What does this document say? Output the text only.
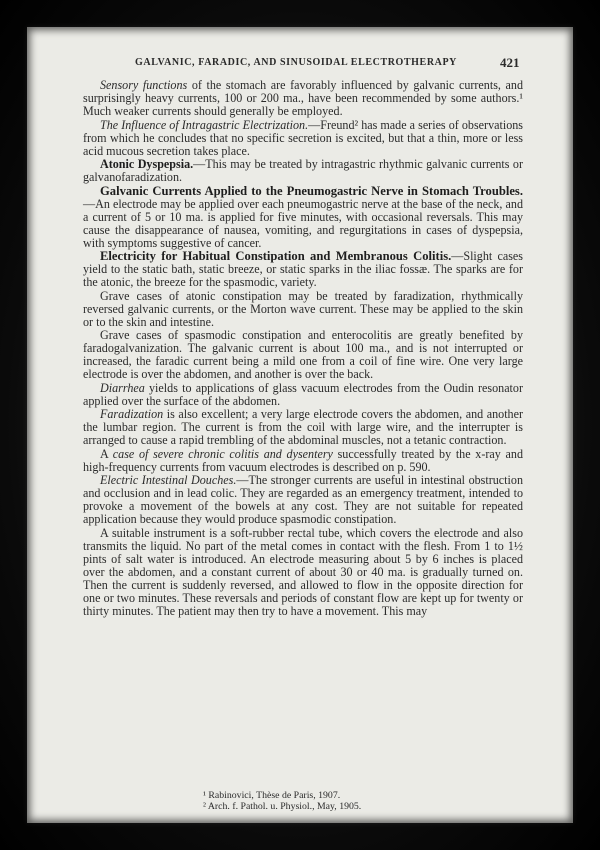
GALVANIC, FARADIC, AND SINUSOIDAL ELECTROTHERAPY	421

Sensory functions of the stomach are favorably influenced by galvanic currents, and surprisingly heavy currents, 100 or 200 ma., have been recommended by some authors.¹ Much weaker currents should generally be employed.

The Influence of Intragastric Electrization.—Freund² has made a series of observations from which he concludes that no specific secretion is excited, but that a thin, more or less acid mucous secretion takes place.

Atonic Dyspepsia.—This may be treated by intragastric rhythmic galvanic currents or galvanofaradization.

Galvanic Currents Applied to the Pneumogastric Nerve in Stomach Troubles.—An electrode may be applied over each pneumogastric nerve at the base of the neck, and a current of 5 or 10 ma. is applied for five minutes, with occasional reversals. This may cause the disappearance of nausea, vomiting, and regurgitations in cases of dyspepsia, with symptoms suggestive of cancer.

Electricity for Habitual Constipation and Membranous Colitis.—Slight cases yield to the static bath, static breeze, or static sparks in the iliac fossæ. The sparks are for the atonic, the breeze for the spasmodic, variety.

Grave cases of atonic constipation may be treated by faradization, rhythmically reversed galvanic currents, or the Morton wave current. These may be applied to the skin or to the skin and intestine.

Grave cases of spasmodic constipation and enterocolitis are greatly benefited by faradogalvanization. The galvanic current is about 100 ma., and is not interrupted or increased, the faradic current being a mild one from a coil of fine wire. One very large electrode is over the abdomen, and another is over the back.

Diarrhea yields to applications of glass vacuum electrodes from the Oudin resonator applied over the surface of the abdomen.

Faradization is also excellent; a very large electrode covers the abdomen, and another the lumbar region. The current is from the coil with large wire, and the interrupter is arranged to cause a rapid trembling of the abdominal muscles, not a tetanic contraction.

A case of severe chronic colitis and dysentery successfully treated by the x-ray and high-frequency currents from vacuum electrodes is described on p. 590.

Electric Intestinal Douches.—The stronger currents are useful in intestinal obstruction and occlusion and in lead colic. They are regarded as an emergency treatment, intended to provoke a movement of the bowels at any cost. They are not suitable for repeated application because they would produce spasmodic constipation.

A suitable instrument is a soft-rubber rectal tube, which covers the electrode and also transmits the liquid. No part of the metal comes in contact with the flesh. From 1 to 1½ pints of salt water is introduced. An electrode measuring about 5 by 6 inches is placed over the abdomen, and a constant current of about 30 or 40 ma. is gradually turned on. Then the current is suddenly reversed, and allowed to flow in the opposite direction for one or two minutes. These reversals and periods of constant flow are kept up for twenty or thirty minutes. The patient may then try to have a movement. This may

¹ Rabinovici, Thèse de Paris, 1907.
² Arch. f. Pathol. u. Physiol., May, 1905.
